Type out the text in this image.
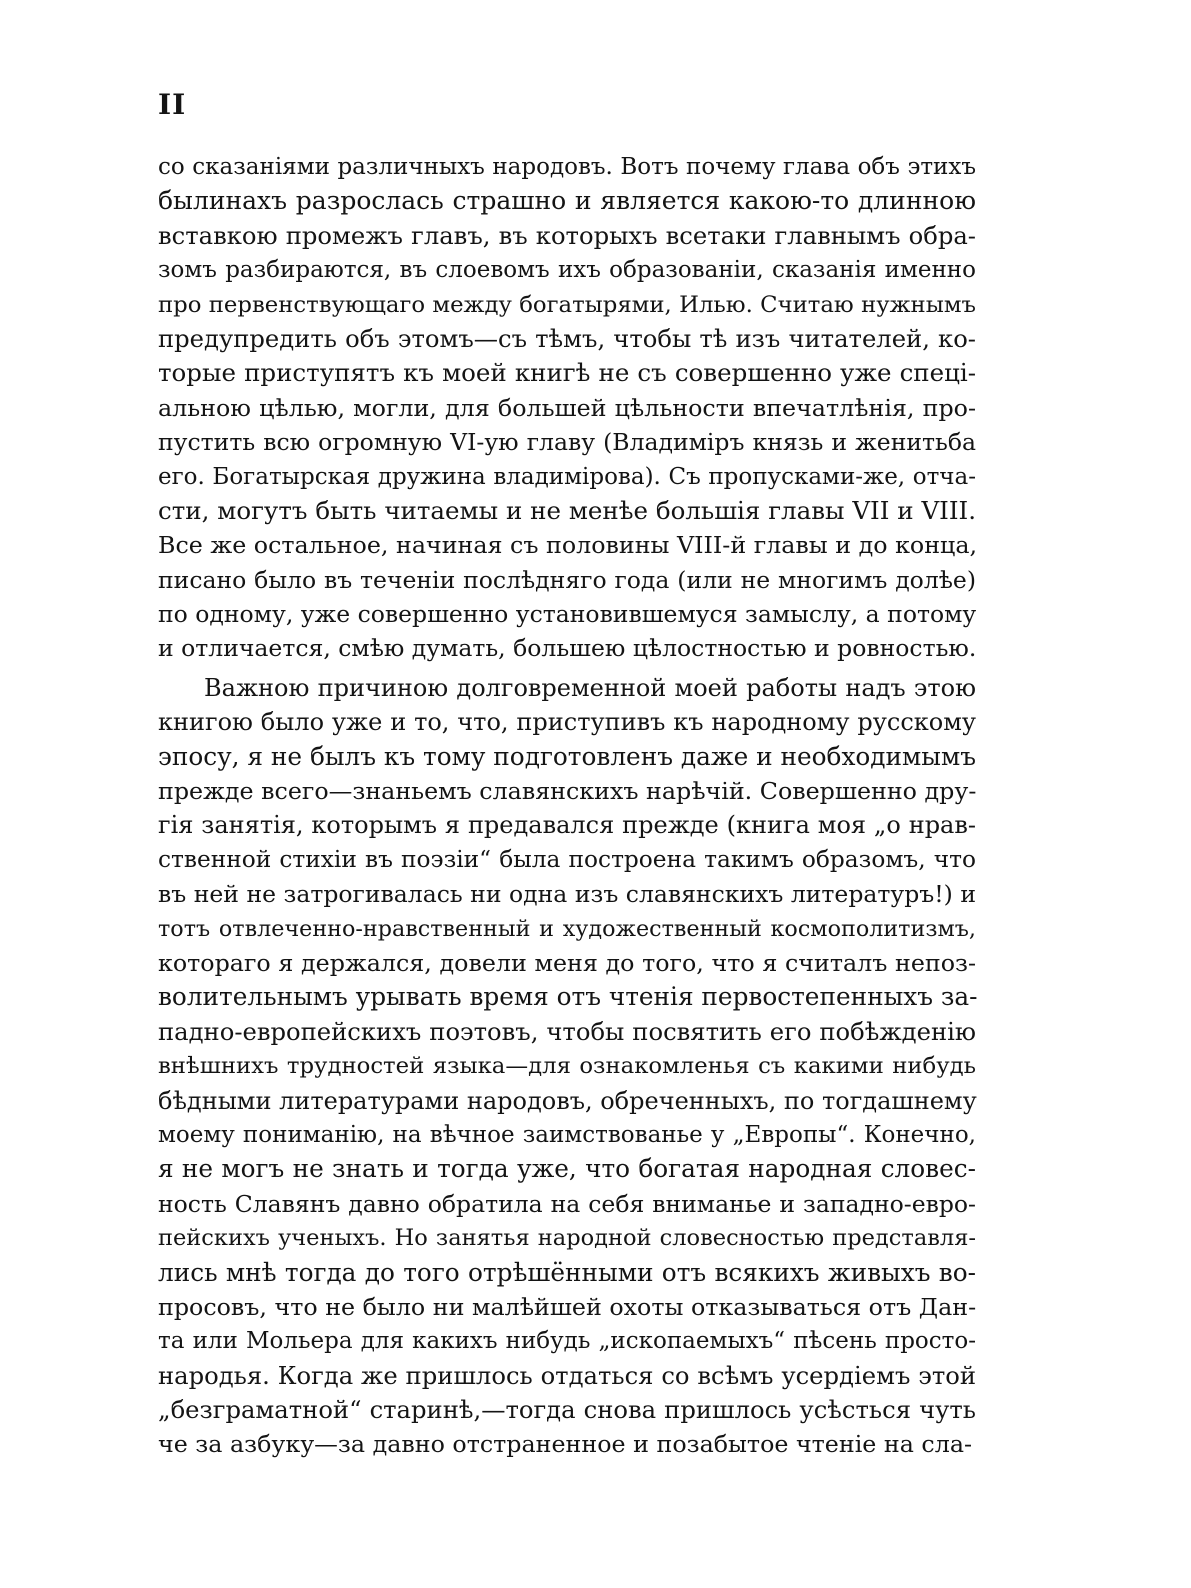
II
со сказаніями различныхъ народовъ. Вотъ почему глава объ этихъ
былинахъ разрослась страшно и является какою-то длинною
вставкою промежъ главъ, въ которыхъ всетаки главнымъ обра-
зомъ разбираются, въ слоевомъ ихъ образованіи, сказанія именно
про первенствующаго между богатырями, Илью. Считаю нужнымъ
предупредить объ этомъ—съ тѣмъ, чтобы тѣ изъ читателей, ко-
торые приступятъ къ моей книгѣ не съ совершенно уже спеці-
альною цѣлью, могли, для большей цѣльности впечатлѣнія, про-
пустить всю огромную VI-ую главу (Владиміръ князь и женитьба
его. Богатырская дружина владимірова). Съ пропусками-же, отча-
сти, могутъ быть читаемы и не менѣе большія главы VII и VIII.
Все же остальное, начиная съ половины VIII-й главы и до конца,
писано было въ теченіи послѣдняго года (или не многимъ долѣе)
по одному, уже совершенно установившемуся замыслу, а потому
и отличается, смѣю думать, большею цѣлостностью и ровностью.
Важною причиною долговременной моей работы надъ этою
книгою было уже и то, что, приступивъ къ народному русскому
эпосу, я не былъ къ тому подготовленъ даже и необходимымъ
прежде всего—знаньемъ славянскихъ нарѣчій. Совершенно дру-
гія занятія, которымъ я предавался прежде (книга моя „о нрав-
ственной стихіи въ поэзіи“ была построена такимъ образомъ, что
въ ней не затрогивалась ни одна изъ славянскихъ литературъ!) и
тотъ отвлеченно-нравственный и художественный космополитизмъ,
котораго я держался, довели меня до того, что я считалъ непоз-
волительнымъ урывать время отъ чтенія первостепенныхъ за-
падно-европейскихъ поэтовъ, чтобы посвятить его побѣжденію
внѣшнихъ трудностей языка—для ознакомленья съ какими нибудь
бѣдными литературами народовъ, обреченныхъ, по тогдашнему
моему пониманію, на вѣчное заимствованье у „Европы“. Конечно,
я не могъ не знать и тогда уже, что богатая народная словес-
ность Славянъ давно обратила на себя вниманье и западно-евро-
пейскихъ ученыхъ. Но занятья народной словесностью представля-
лись мнѣ тогда до того отрѣшёнными отъ всякихъ живыхъ во-
просовъ, что не было ни малѣйшей охоты отказываться отъ Дан-
та или Мольера для какихъ нибудь „ископаемыхъ“ пѣсень просто-
народья. Когда же пришлось отдаться со всѣмъ усердіемъ этой
„безграматной“ старинѣ,—тогда снова пришлось усѣсться чуть
че за азбуку—за давно отстраненное и позабытое чтеніе на сла-
